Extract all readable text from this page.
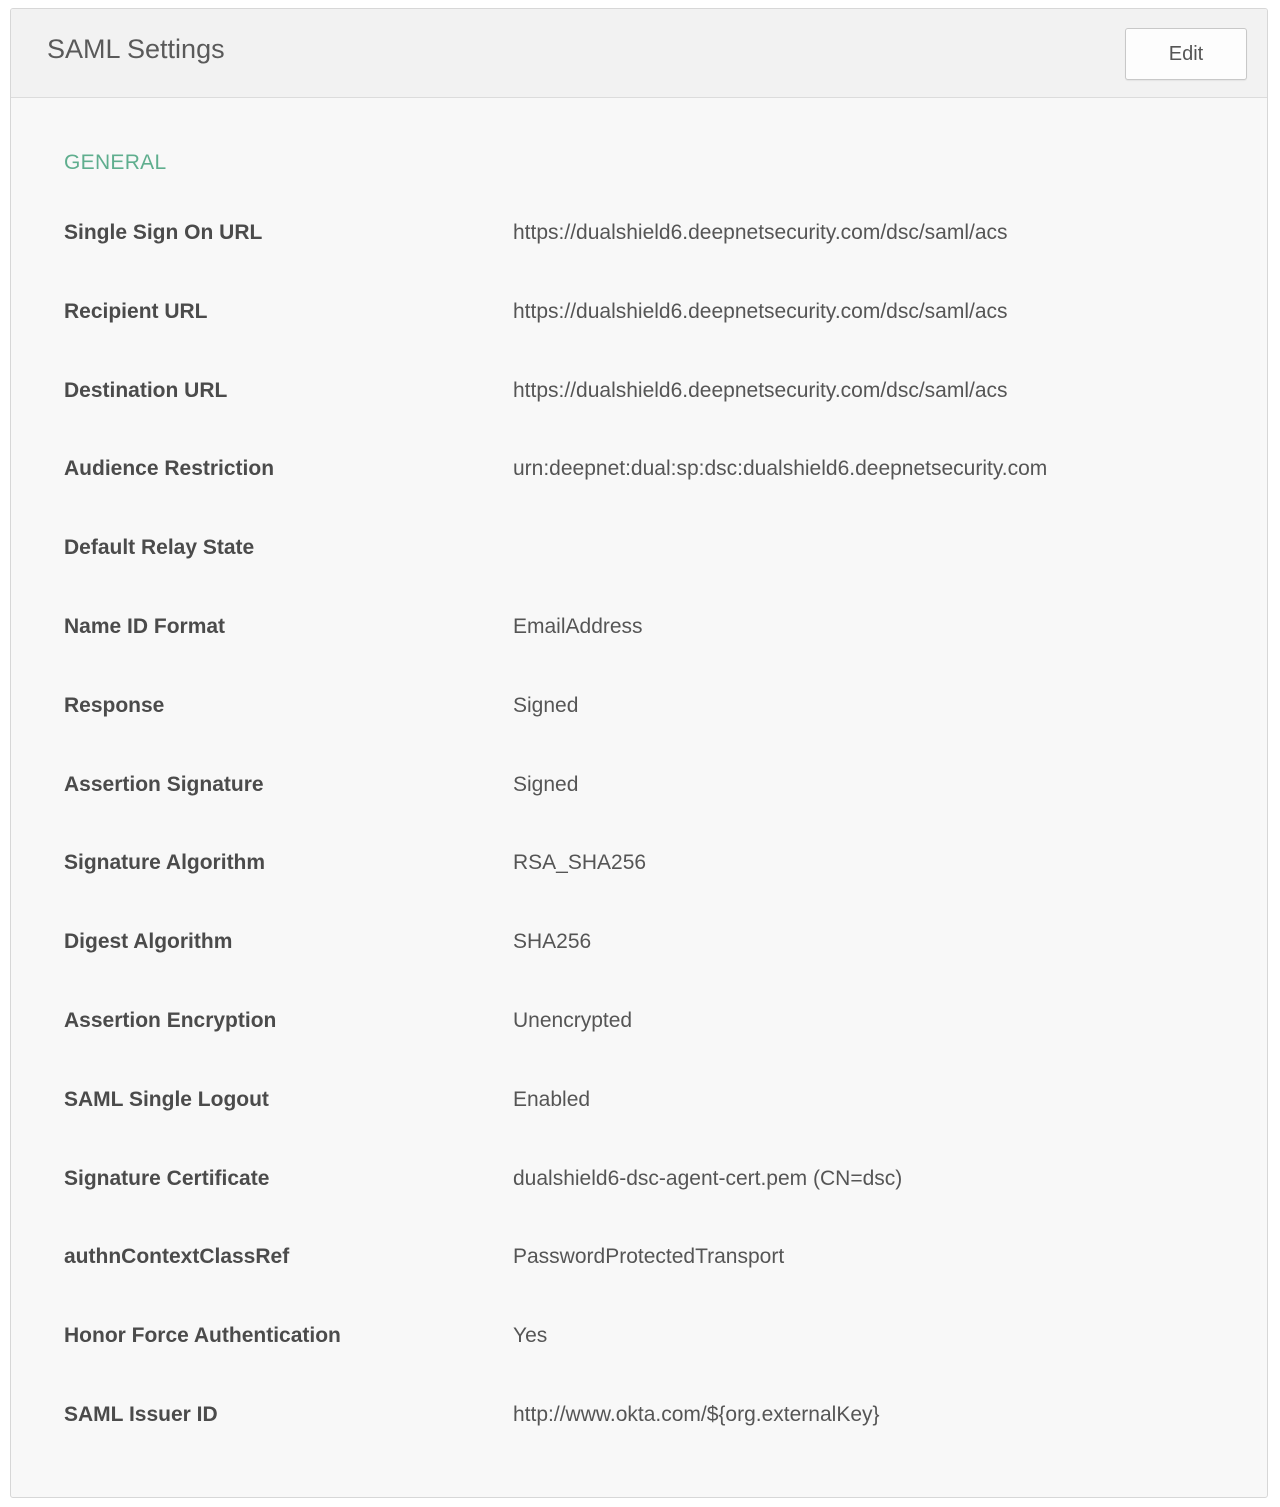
SAML Settings	Edit
GENERAL
Single Sign On URL	https://dualshield6.deepnetsecurity.com/dsc/saml/acs
Recipient URL	https://dualshield6.deepnetsecurity.com/dsc/saml/acs
Destination URL	https://dualshield6.deepnetsecurity.com/dsc/saml/acs
Audience Restriction	urn:deepnet:dual:sp:dsc:dualshield6.deepnetsecurity.com
Default Relay State
Name ID Format	EmailAddress
Response	Signed
Assertion Signature	Signed
Signature Algorithm	RSA_SHA256
Digest Algorithm	SHA256
Assertion Encryption	Unencrypted
SAML Single Logout	Enabled
Signature Certificate	dualshield6-dsc-agent-cert.pem (CN=dsc)
authnContextClassRef	PasswordProtectedTransport
Honor Force Authentication	Yes
SAML Issuer ID	http://www.okta.com/${org.externalKey}
